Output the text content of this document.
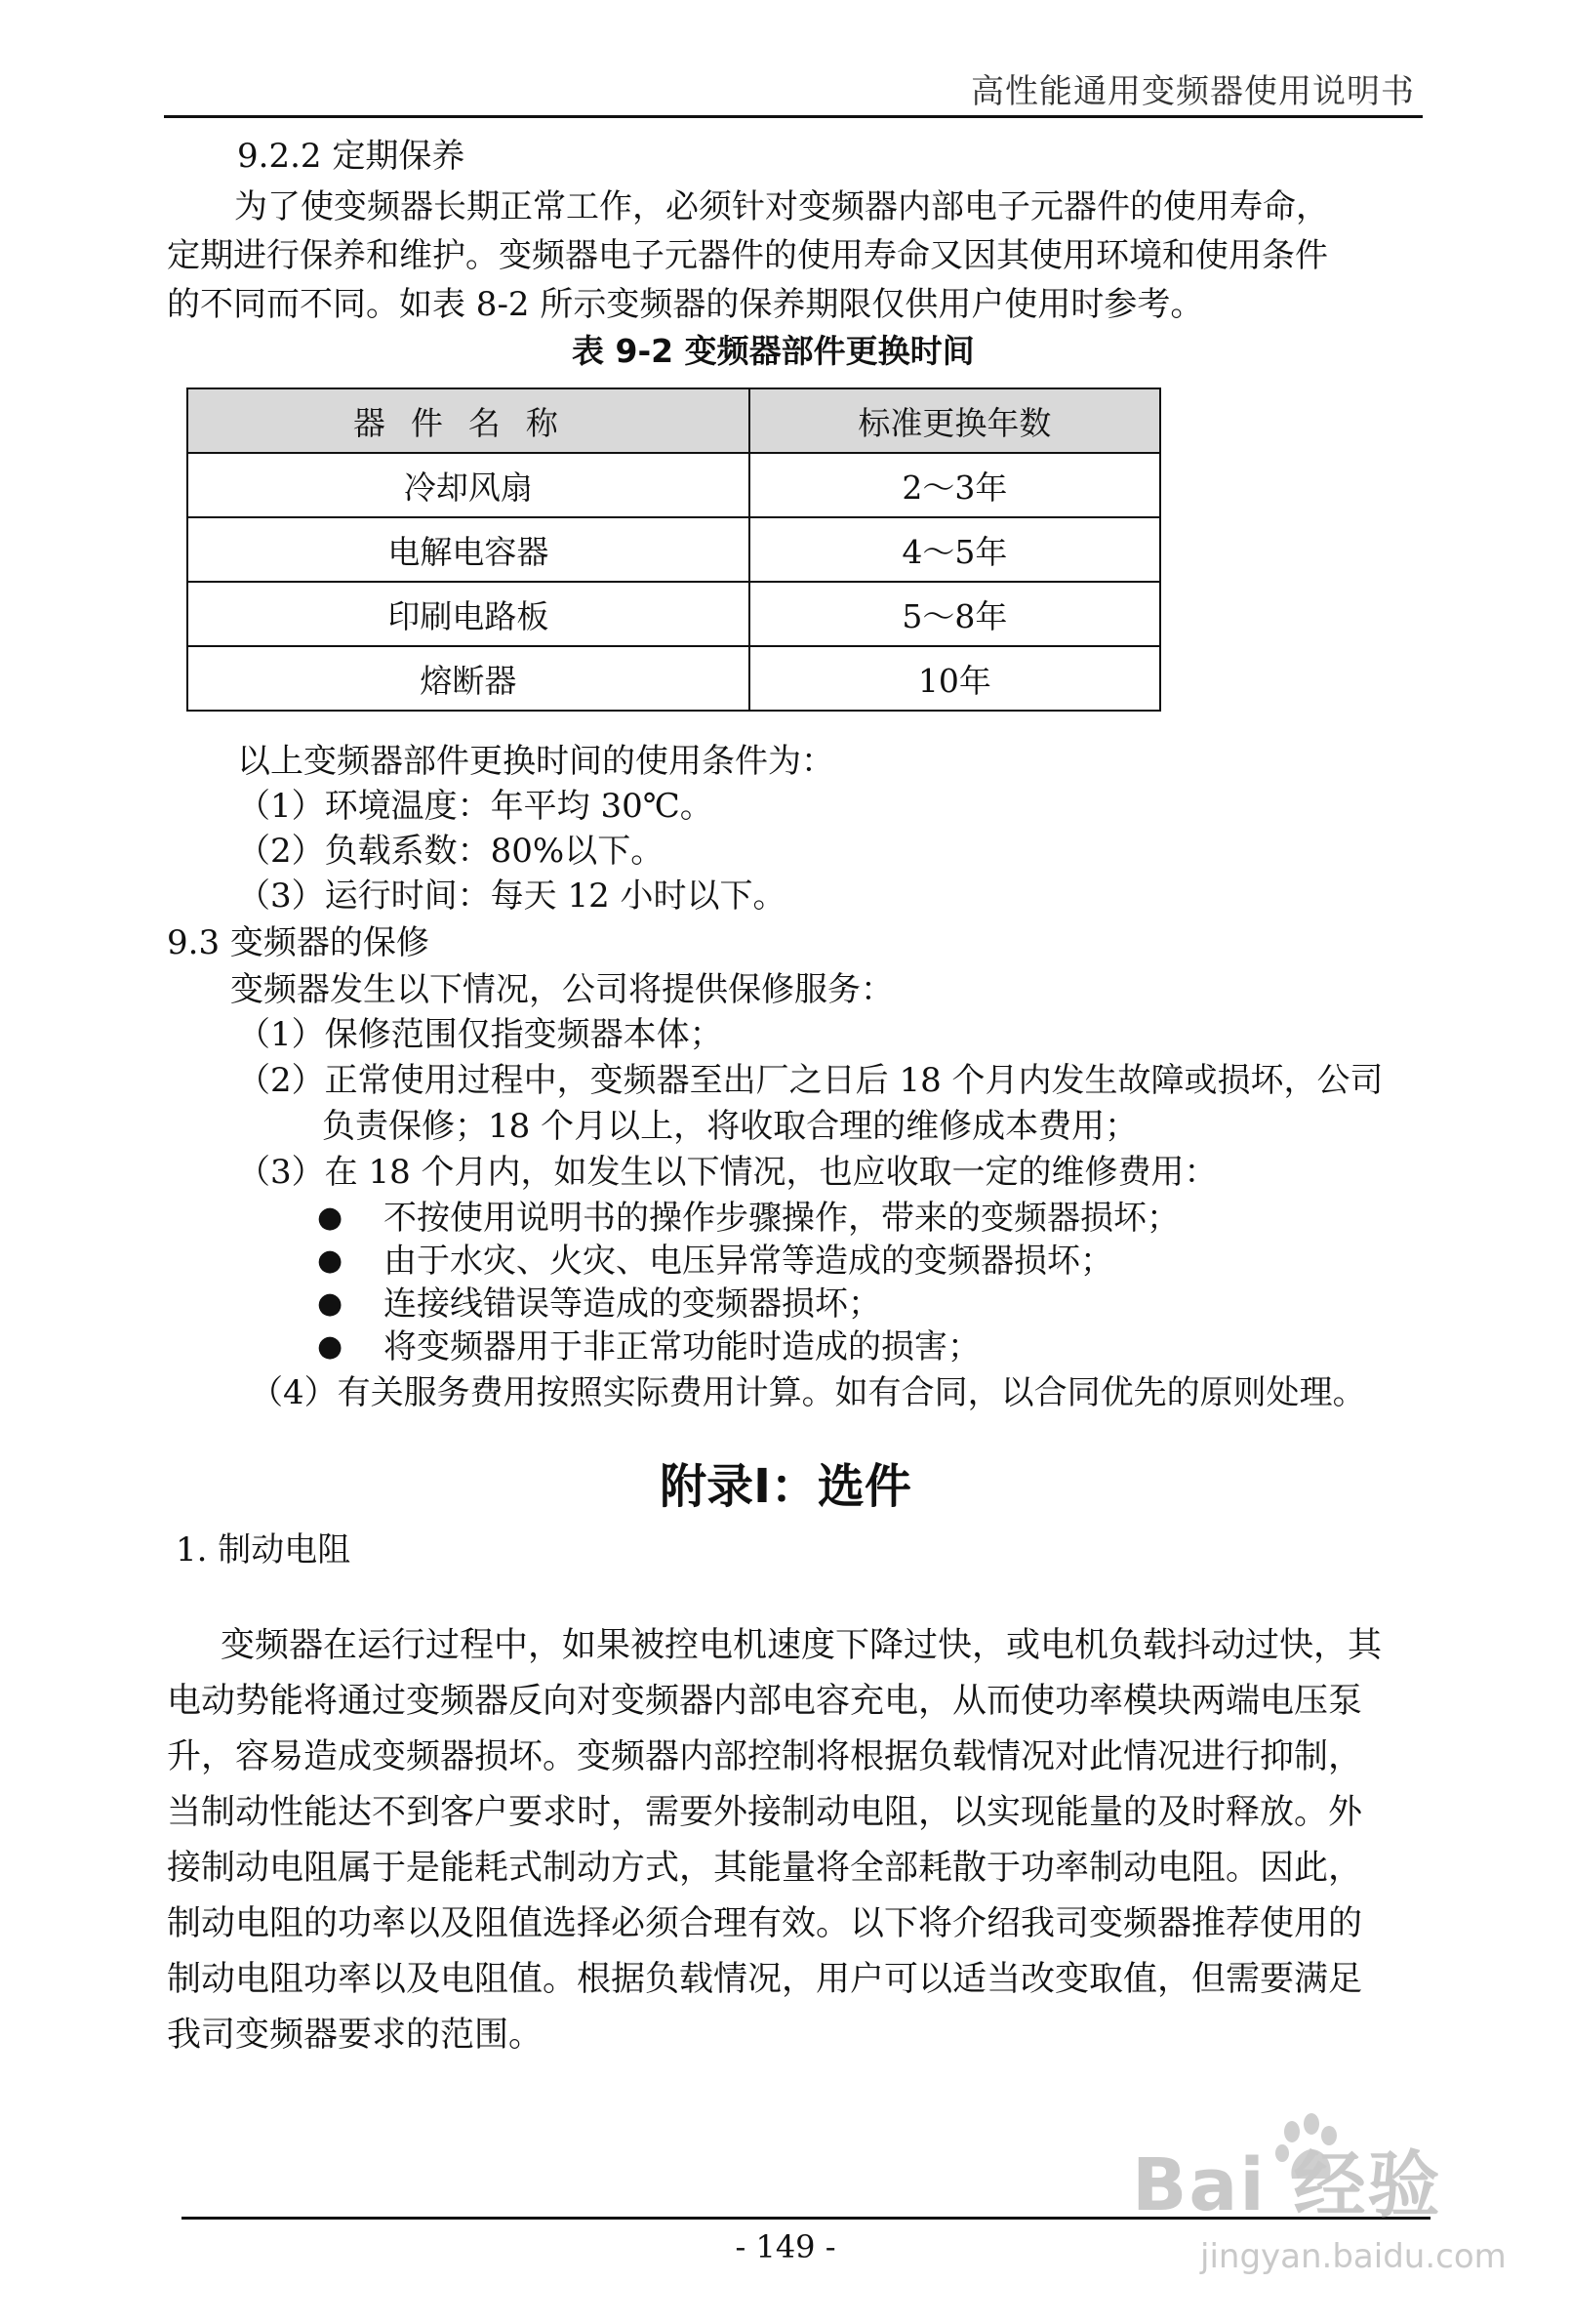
高性能通用变频器使用说明书
9.2.2 定期保养
为了使变频器长期正常工作，必须针对变频器内部电子元器件的使用寿命，
定期进行保养和维护。变频器电子元器件的使用寿命又因其使用环境和使用条件
的不同而不同。如表 8-2 所示变频器的保养期限仅供用户使用时参考。
表 9-2 变频器部件更换时间
器件名称	标准更换年数
冷却风扇	2～3年
电解电容器	4～5年
印刷电路板	5～8年
熔断器	10年
以上变频器部件更换时间的使用条件为：
（1）环境温度：年平均 30℃。
（2）负载系数：80%以下。
（3）运行时间：每天 12 小时以下。
9.3 变频器的保修
变频器发生以下情况，公司将提供保修服务：
（1）保修范围仅指变频器本体；
（2）正常使用过程中，变频器至出厂之日后 18 个月内发生故障或损坏，公司
负责保修；18 个月以上，将收取合理的维修成本费用；
（3）在 18 个月内，如发生以下情况，也应收取一定的维修费用：
● 不按使用说明书的操作步骤操作，带来的变频器损坏；
● 由于水灾、火灾、电压异常等造成的变频器损坏；
● 连接线错误等造成的变频器损坏；
● 将变频器用于非正常功能时造成的损害；
（4）有关服务费用按照实际费用计算。如有合同，以合同优先的原则处理。
附录Ⅰ：选件
1. 制动电阻
变频器在运行过程中，如果被控电机速度下降过快，或电机负载抖动过快，其
电动势能将通过变频器反向对变频器内部电容充电，从而使功率模块两端电压泵
升，容易造成变频器损坏。变频器内部控制将根据负载情况对此情况进行抑制，
当制动性能达不到客户要求时，需要外接制动电阻，以实现能量的及时释放。外
接制动电阻属于是能耗式制动方式，其能量将全部耗散于功率制动电阻。因此，
制动电阻的功率以及阻值选择必须合理有效。以下将介绍我司变频器推荐使用的
制动电阻功率以及电阻值。根据负载情况，用户可以适当改变取值，但需要满足
我司变频器要求的范围。
- 149 -
Bai 经验
jingyan.baidu.com
